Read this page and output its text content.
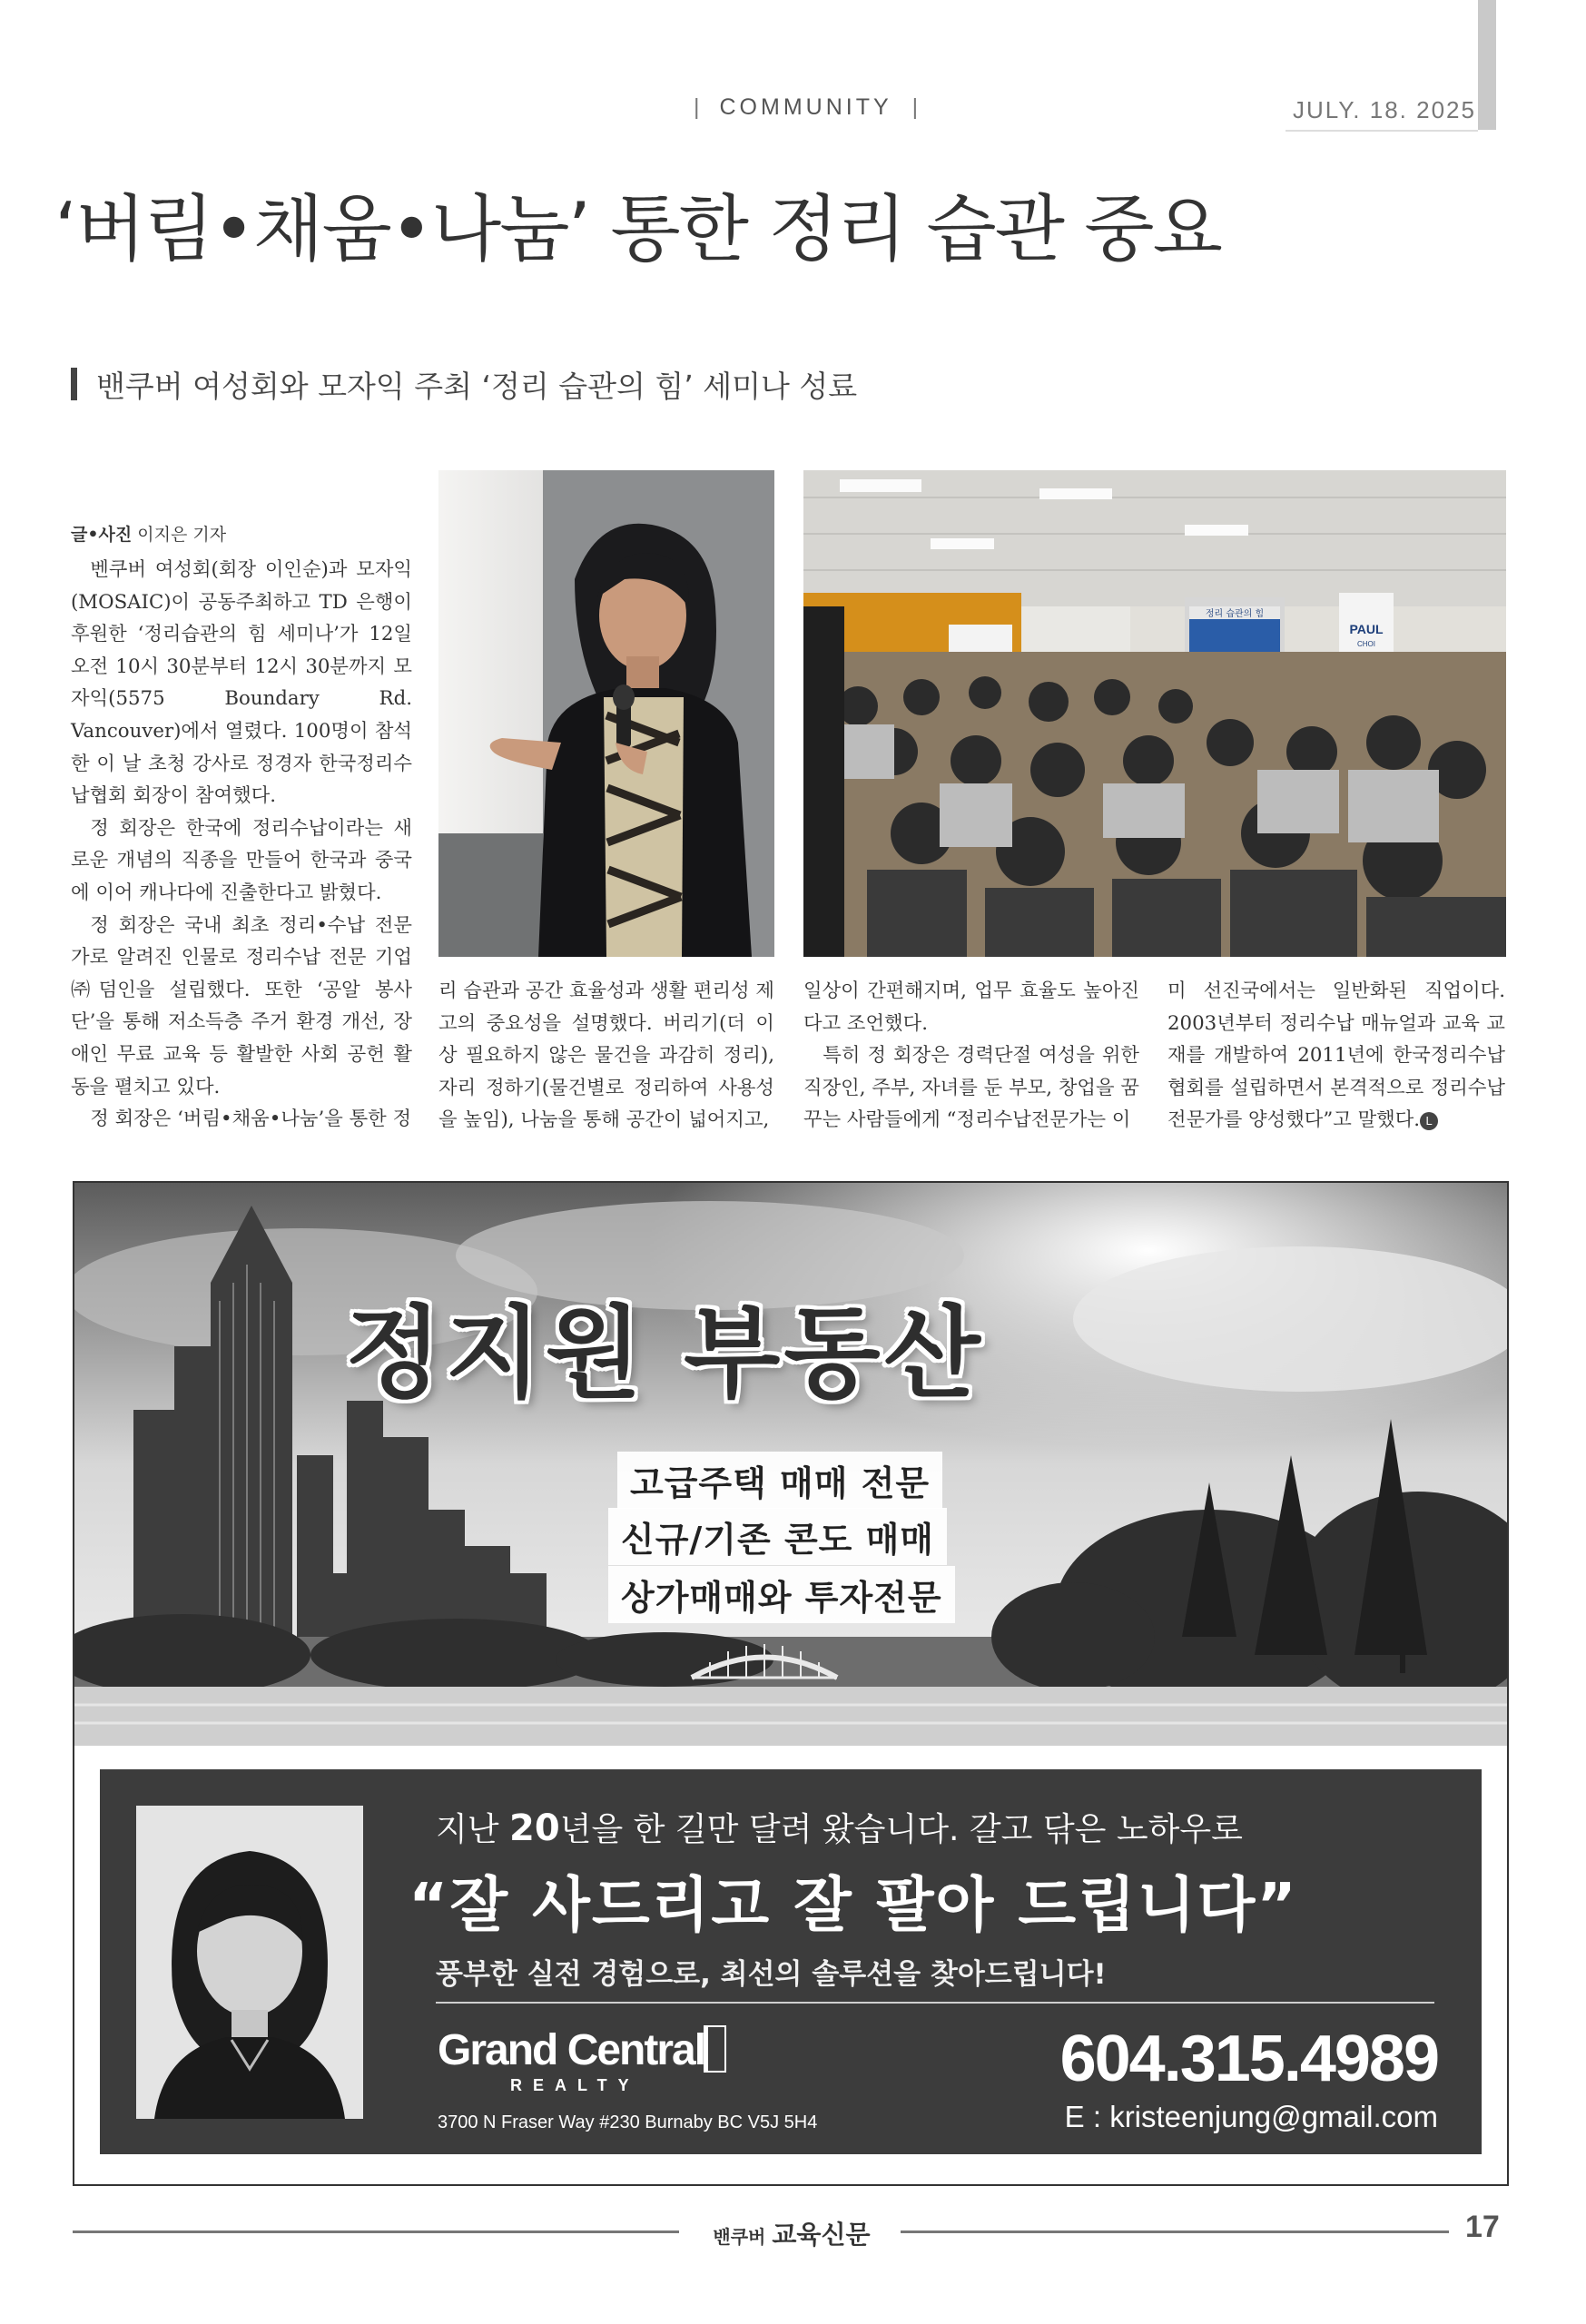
| COMMUNITY |	JULY. 18. 2025
‘버림•채움•나눔’ 통한 정리 습관 중요
밴쿠버 여성회와 모자익 주최 ‘정리 습관의 힘’ 세미나 성료
글•사진 이지은 기자

벤쿠버 여성회(회장 이인순)과 모자익(MOSAIC)이 공동주최하고 TD 은행이 후원한 ‘정리습관의 힘 세미나’가 12일 오전 10시 30분부터 12시 30분까지 모자익(5575 Boundary Rd. Vancouver)에서 열렸다. 100명이 참석한 이 날 초청 강사로 정경자 한국정리수납협회 회장이 참여했다.

정 회장은 한국에 정리수납이라는 새로운 개념의 직종을 만들어 한국과 중국에 이어 캐나다에 진출한다고 밝혔다.

정 회장은 국내 최초 정리•수납 전문가로 알려진 인물로 정리수납 전문 기업 ㈜덤인을 설립했다. 또한 ‘공알 봉사단’을 통해 저소득층 주거 환경 개선, 장애인 무료 교육 등 활발한 사회 공헌 활동을 펼치고 있다.

정 회장은 ‘버림•채움•나눔’을 통한 정

리 습관과 공간 효율성과 생활 편리성 제고의 중요성을 설명했다. 버리기(더 이상 필요하지 않은 물건을 과감히 정리), 자리 정하기(물건별로 정리하여 사용성을 높임), 나눔을 통해 공간이 넓어지고,

일상이 간편해지며, 업무 효율도 높아진다고 조언했다.

특히 정 회장은 경력단절 여성을 위한 직장인, 주부, 자녀를 둔 부모, 창업을 꿈꾸는 사람들에게 “정리수납전문가는 이

미 선진국에서는 일반화된 직업이다. 2003년부터 정리수납 매뉴얼과 교육 교재를 개발하여 2011년에 한국정리수납협회를 설립하면서 본격적으로 정리수납전문가를 양성했다”고 말했다. L

정리 습관의 힘
PAUL
CHOI
정지원 부동산
고급주택 매매 전문
신규/기존 콘도 매매
상가매매와 투자전문
지난 20년을 한 길만 달려 왔습니다. 갈고 닦은 노하우로
“잘 사드리고 잘 팔아 드립니다”
풍부한 실전 경험으로, 최선의 솔루션을 찾아드립니다!
Grand Central
REALTY
3700 N Fraser Way #230 Burnaby BC V5J 5H4
604.315.4989
E : kristeenjung@gmail.com
밴쿠버 교육신문	17
